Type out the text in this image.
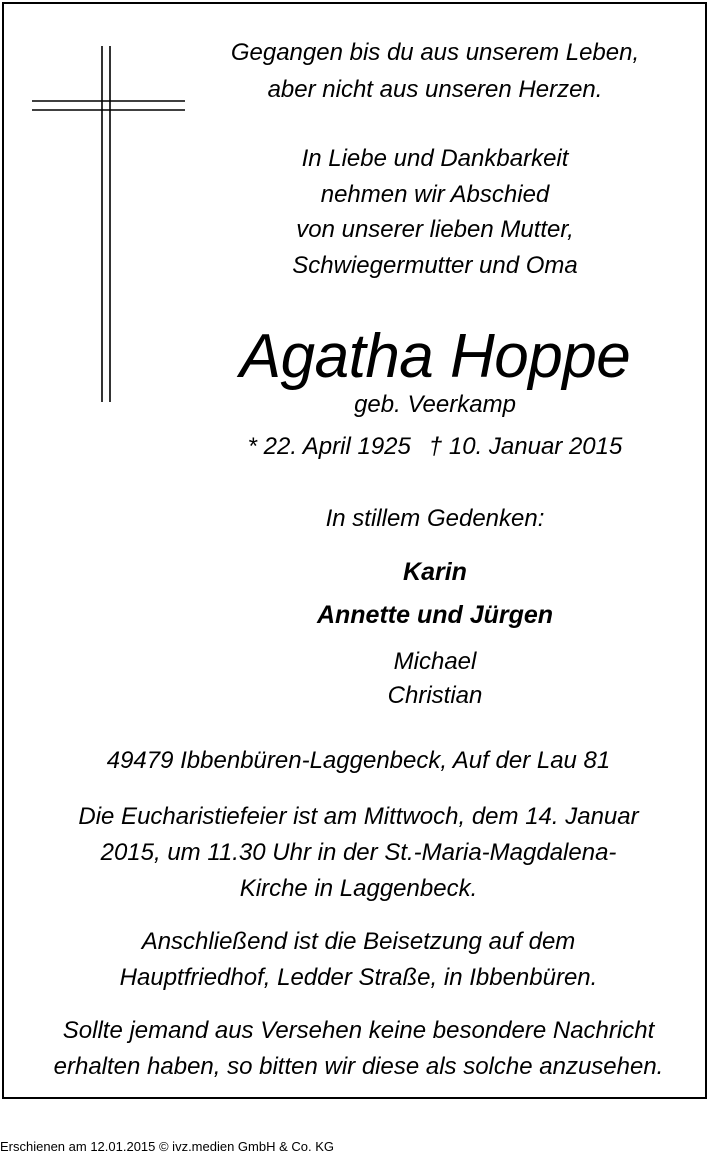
Gegangen bis du aus unserem Leben,
aber nicht aus unseren Herzen.
In Liebe und Dankbarkeit
nehmen wir Abschied
von unserer lieben Mutter,
Schwiegermutter und Oma
Agatha Hoppe
geb. Veerkamp
* 22. April 1925 † 10. Januar 2015
In stillem Gedenken:
Karin
Annette und Jürgen
Michael
Christian
49479 Ibbenbüren-Laggenbeck, Auf der Lau 81
Die Eucharistiefeier ist am Mittwoch, dem 14. Januar
2015, um 11.30 Uhr in der St.-Maria-Magdalena-
Kirche in Laggenbeck.
Anschließend ist die Beisetzung auf dem
Hauptfriedhof, Ledder Straße, in Ibbenbüren.
Sollte jemand aus Versehen keine besondere Nachricht
erhalten haben, so bitten wir diese als solche anzusehen.
Erschienen am 12.01.2015 © ivz.medien GmbH & Co. KG
